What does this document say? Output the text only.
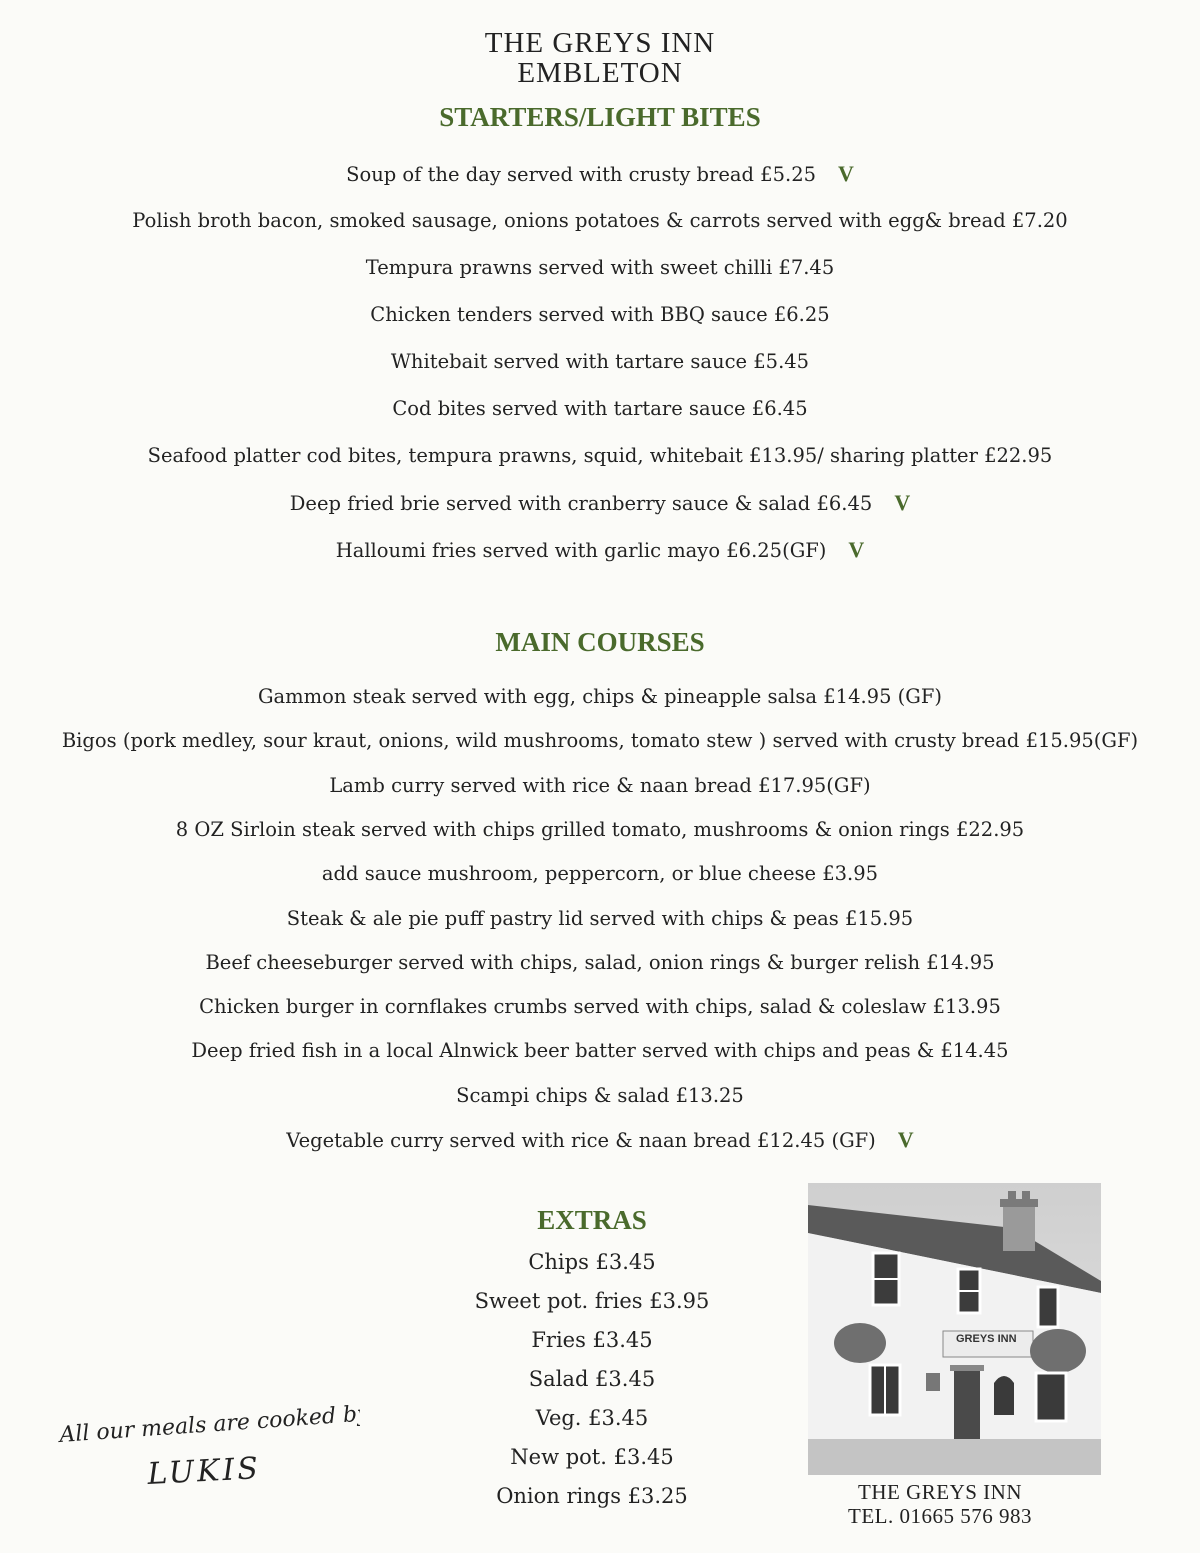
THE GREYS INN
EMBLETON
STARTERS/LIGHT BITES
Soup of the day served with crusty bread £5.25 V
Polish broth bacon, smoked sausage, onions potatoes & carrots served with egg& bread £7.20
Tempura prawns served with sweet chilli £7.45
Chicken tenders served with BBQ sauce £6.25
Whitebait served with tartare sauce £5.45
Cod bites served with tartare sauce £6.45
Seafood platter cod bites, tempura prawns, squid, whitebait £13.95/ sharing platter £22.95
Deep fried brie served with cranberry sauce & salad £6.45 V
Halloumi fries served with garlic mayo £6.25(GF) V
MAIN COURSES
Gammon steak served with egg, chips & pineapple salsa £14.95 (GF)
Bigos (pork medley, sour kraut, onions, wild mushrooms, tomato stew ) served with crusty bread £15.95(GF)
Lamb curry served with rice & naan bread £17.95(GF)
8 OZ Sirloin steak served with chips grilled tomato, mushrooms & onion rings £22.95
add sauce mushroom, peppercorn, or blue cheese £3.95
Steak & ale pie puff pastry lid served with chips & peas £15.95
Beef cheeseburger served with chips, salad, onion rings & burger relish £14.95
Chicken burger in cornflakes crumbs served with chips, salad & coleslaw £13.95
Deep fried fish in a local Alnwick beer batter served with chips and peas & £14.45
Scampi chips & salad £13.25
Vegetable curry served with rice & naan bread £12.45 (GF) V
EXTRAS
Chips £3.45
Sweet pot. fries £3.95
Fries £3.45
Salad £3.45
Veg. £3.45
New pot. £3.45
Onion rings £3.25
GREYS INN
THE GREYS INN
TEL. 01665 576 983
All our meals are cooked by
LUKIS
